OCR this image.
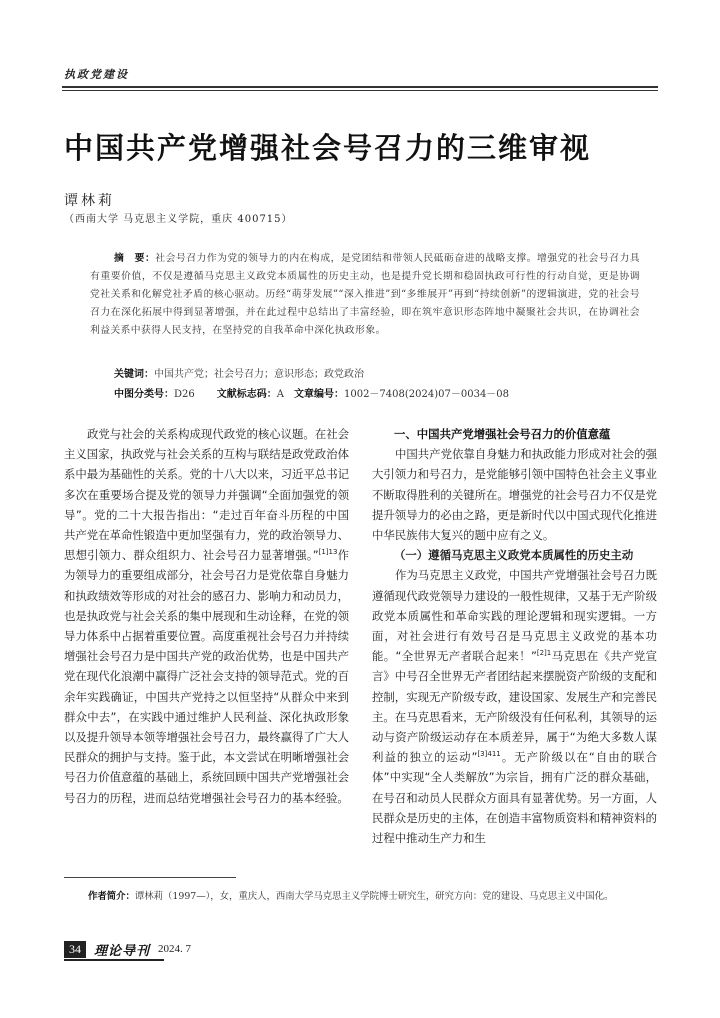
执政党建设
中国共产党增强社会号召力的三维审视
谭林莉
（西南大学 马克思主义学院，重庆 400715）
摘　要：社会号召力作为党的领导力的内在构成，是党团结和带领人民砥砺奋进的战略支撑。增强党的社会号召力具有重要价值，不仅是遵循马克思主义政党本质属性的历史主动，也是提升党长期和稳固执政可行性的行动自觉，更是协调党社关系和化解党社矛盾的核心驱动。历经“萌芽发展”“深入推进”到“多维展开”再到“持续创新”的逻辑演进，党的社会号召力在深化拓展中得到显著增强，并在此过程中总结出了丰富经验，即在筑牢意识形态阵地中凝聚社会共识，在协调社会利益关系中获得人民支持，在坚持党的自我革命中深化执政形象。
关键词：中国共产党；社会号召力；意识形态；政党政治
中图分类号：D26 文献标志码：A 文章编号：1002－7408(2024)07－0034－08

政党与社会的关系构成现代政党的核心议题。在社会主义国家，执政党与社会关系的互构与联结是政党政治体系中最为基础性的关系。党的十八大以来，习近平总书记多次在重要场合提及党的领导力并强调“全面加强党的领导”。党的二十大报告指出：“走过百年奋斗历程的中国共产党在革命性锻造中更加坚强有力，党的政治领导力、思想引领力、群众组织力、社会号召力显著增强。”$^{[1]13}$作为领导力的重要组成部分，社会号召力是党依靠自身魅力和执政绩效等形成的对社会的感召力、影响力和动员力，也是执政党与社会关系的集中展现和生动诠释，在党的领导力体系中占据着重要位置。高度重视社会号召力并持续增强社会号召力是中国共产党的政治优势，也是中国共产党在现代化浪潮中赢得广泛社会支持的领导范式。党的百余年实践确证，中国共产党持之以恒坚持“从群众中来到群众中去”，在实践中通过维护人民利益、深化执政形象以及提升领导本领等增强社会号召力，最终赢得了广大人民群众的拥护与支持。鉴于此，本文尝试在明晰增强社会号召力价值意蕴的基础上，系统回顾中国共产党增强社会号召力的历程，进而总结党增强社会号召力的基本经验。

一、中国共产党增强社会号召力的价值意蕴

中国共产党依靠自身魅力和执政能力形成对社会的强大引领力和号召力，是党能够引领中国特色社会主义事业不断取得胜利的关键所在。增强党的社会号召力不仅是党提升领导力的必由之路，更是新时代以中国式现代化推进中华民族伟大复兴的题中应有之义。

（一）遵循马克思主义政党本质属性的历史主动

作为马克思主义政党，中国共产党增强社会号召力既遵循现代政党领导力建设的一般性规律，又基于无产阶级政党本质属性和革命实践的理论逻辑和现实逻辑。一方面，对社会进行有效号召是马克思主义政党的基本功能。“全世界无产者联合起来！”$^{[2]1}$马克思在《共产党宣言》中号召全世界无产者团结起来摆脱资产阶级的支配和控制，实现无产阶级专政，建设国家、发展生产和完善民主。在马克思看来，无产阶级没有任何私利，其领导的运动与资产阶级运动存在本质差异，属于“为绝大多数人谋利益的独立的运动”$^{[3]411}$。无产阶级以在“自由的联合体”中实现“全人类解放”为宗旨，拥有广泛的群众基础，在号召和动员人民群众方面具有显著优势。另一方面，人民群众是历史的主体，在创造丰富物质资料和精神资料的过程中推动生产力和生

作者简介：谭林莉（1997—），女，重庆人，西南大学马克思主义学院博士研究生，研究方向：党的建设、马克思主义中国化。
34	理论导刊 2024. 7
